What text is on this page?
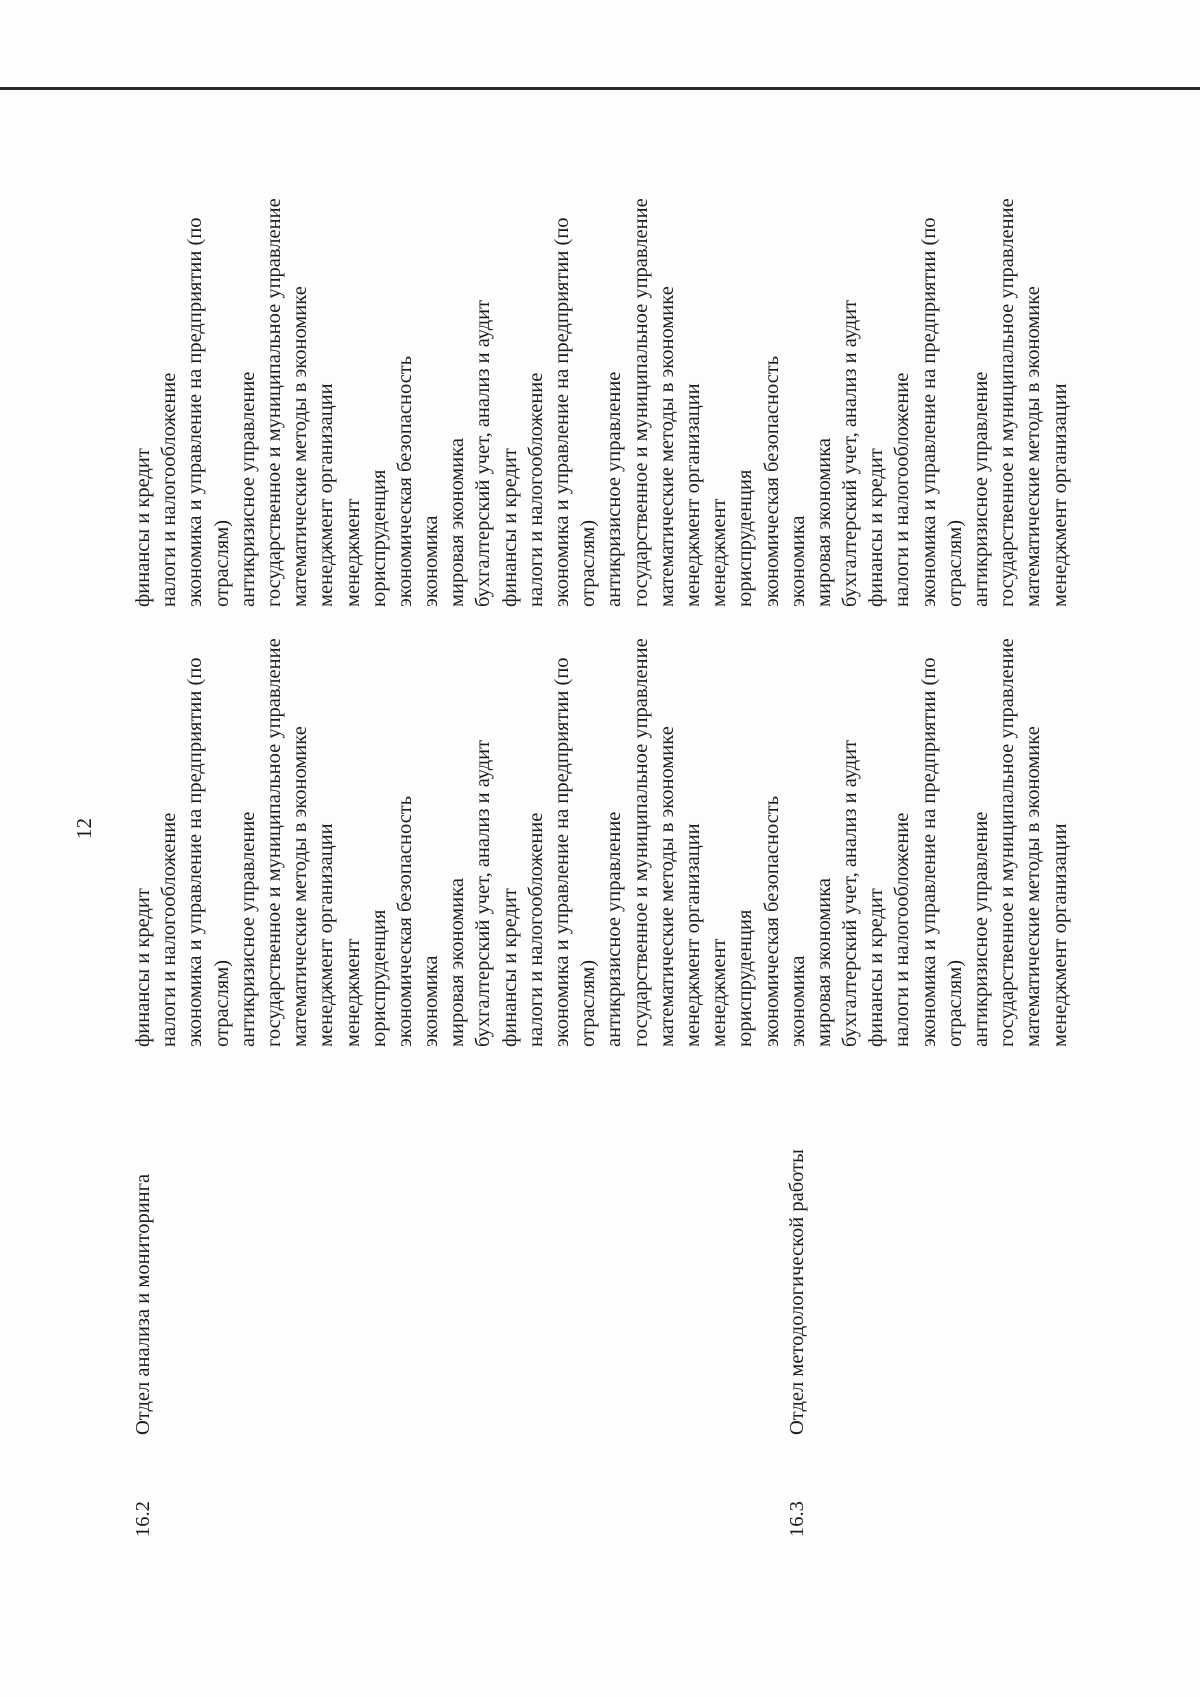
12
16.2
Отдел анализа и мониторинга
16.3
Отдел методологической работы
финансы и кредит налоги и налогообложение экономика и управление на предприятии (по отраслям) антикризисное управление государственное и муниципальное управление математические методы в экономике менеджмент организации менеджмент юриспруденция экономическая безопасность экономика мировая экономика бухгалтерский учет, анализ и аудит финансы и кредит налоги и налогообложение экономика и управление на предприятии (по отраслям) антикризисное управление государственное и муниципальное управление математические методы в экономике менеджмент организации менеджмент юриспруденция экономическая безопасность экономика мировая экономика бухгалтерский учет, анализ и аудит финансы и кредит налоги и налогообложение экономика и управление на предприятии (по отраслям) антикризисное управление государственное и муниципальное управление математические методы в экономике менеджмент организации
финансы и кредит налоги и налогообложение экономика и управление на предприятии (по отраслям) антикризисное управление государственное и муниципальное управление математические методы в экономике менеджмент организации менеджмент юриспруденция экономическая безопасность экономика мировая экономика бухгалтерский учет, анализ и аудит финансы и кредит налоги и налогообложение экономика и управление на предприятии (по отраслям) антикризисное управление государственное и муниципальное управление математические методы в экономике менеджмент организации менеджмент юриспруденция экономическая безопасность экономика мировая экономика бухгалтерский учет, анализ и аудит финансы и кредит налоги и налогообложение экономика и управление на предприятии (по отраслям) антикризисное управление государственное и муниципальное управление математические методы в экономике менеджмент организации
